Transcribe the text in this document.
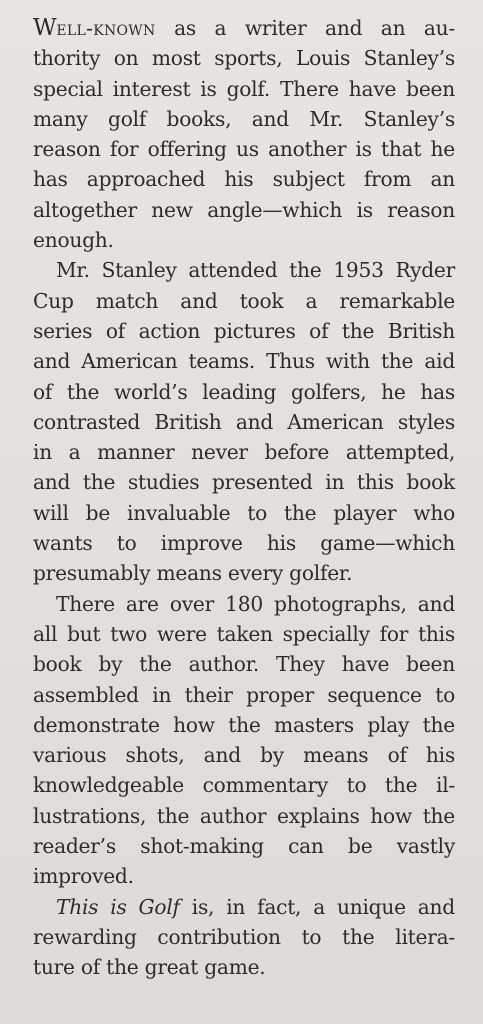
Well-known as a writer and an au-
thority on most sports, Louis Stanley’s
special interest is golf. There have been
many golf books, and Mr. Stanley’s
reason for offering us another is that he
has approached his subject from an
altogether new angle—which is reason
enough.
Mr. Stanley attended the 1953 Ryder
Cup match and took a remarkable
series of action pictures of the British
and American teams. Thus with the aid
of the world’s leading golfers, he has
contrasted British and American styles
in a manner never before attempted,
and the studies presented in this book
will be invaluable to the player who
wants to improve his game—which
presumably means every golfer.
There are over 180 photographs, and
all but two were taken specially for this
book by the author. They have been
assembled in their proper sequence to
demonstrate how the masters play the
various shots, and by means of his
knowledgeable commentary to the il-
lustrations, the author explains how the
reader’s shot-making can be vastly
improved.
This is Golf is, in fact, a unique and
rewarding contribution to the litera-
ture of the great game.
